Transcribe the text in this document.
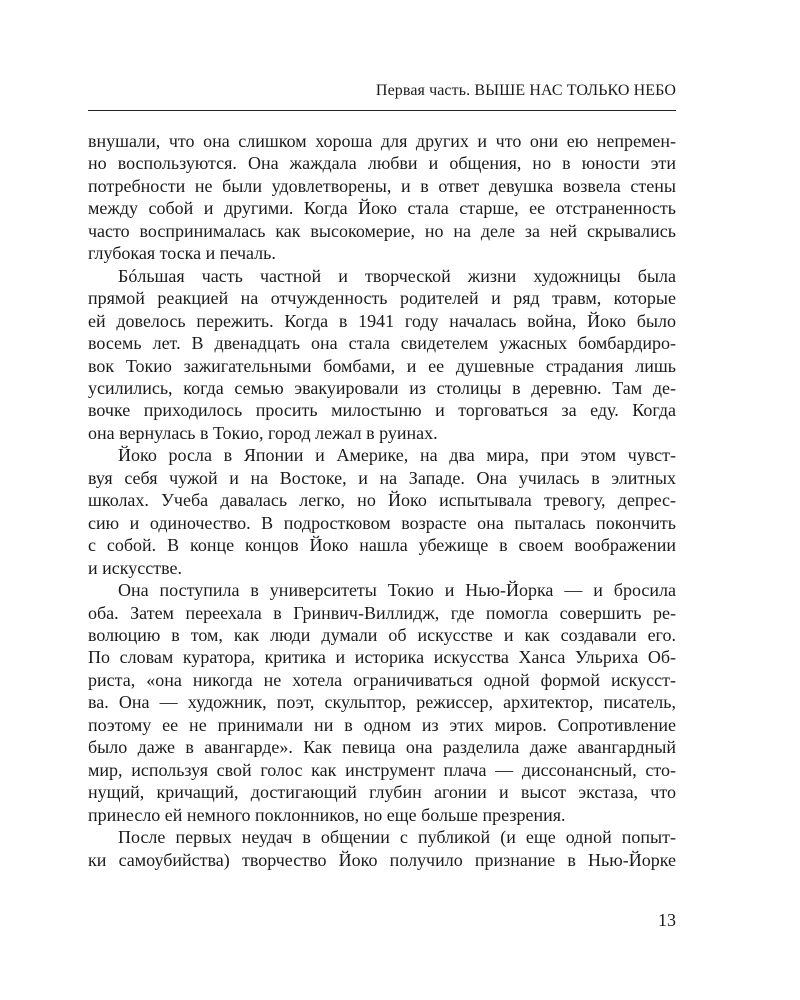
Первая часть. ВЫШЕ НАС ТОЛЬКО НЕБО

внушали, что она слишком хороша для других и что они ею непремен-
но воспользуются. Она жаждала любви и общения, но в юности эти
потребности не были удовлетворены, и в ответ девушка возвела стены
между собой и другими. Когда Йоко стала старше, ее отстраненность
часто воспринималась как высокомерие, но на деле за ней скрывались
глубокая тоска и печаль.

Бóльшая часть частной и творческой жизни художницы была
прямой реакцией на отчужденность родителей и ряд травм, которые
ей довелось пережить. Когда в 1941 году началась война, Йоко было
восемь лет. В двенадцать она стала свидетелем ужасных бомбардиро-
вок Токио зажигательными бомбами, и ее душевные страдания лишь
усилились, когда семью эвакуировали из столицы в деревню. Там де-
вочке приходилось просить милостыню и торговаться за еду. Когда
она вернулась в Токио, город лежал в руинах.

Йоко росла в Японии и Америке, на два мира, при этом чувст-
вуя себя чужой и на Востоке, и на Западе. Она училась в элитных
школах. Учеба давалась легко, но Йоко испытывала тревогу, депрес-
сию и одиночество. В подростковом возрасте она пыталась покончить
с собой. В конце концов Йоко нашла убежище в своем воображении
и искусстве.

Она поступила в университеты Токио и Нью-Йорка — и бросила
оба. Затем переехала в Гринвич-Виллидж, где помогла совершить ре-
волюцию в том, как люди думали об искусстве и как создавали его.
По словам куратора, критика и историка искусства Ханса Ульриха Об-
риста, «она никогда не хотела ограничиваться одной формой искусст-
ва. Она — художник, поэт, скульптор, режиссер, архитектор, писатель,
поэтому ее не принимали ни в одном из этих миров. Сопротивление
было даже в авангарде». Как певица она разделила даже авангардный
мир, используя свой голос как инструмент плача — диссонансный, сто-
нущий, кричащий, достигающий глубин агонии и высот экстаза, что
принесло ей немного поклонников, но еще больше презрения.

После первых неудач в общении с публикой (и еще одной попыт-
ки самоубийства) творчество Йоко получило признание в Нью-Йорке

13
